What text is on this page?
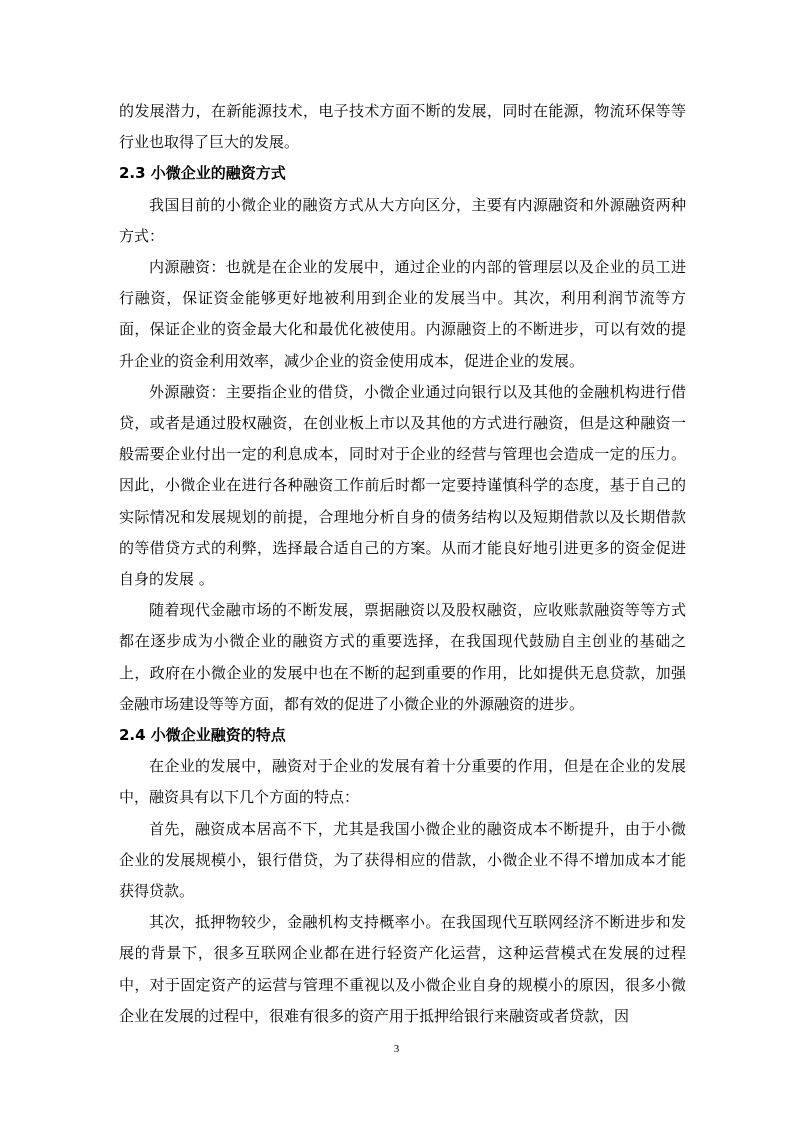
的发展潜力，在新能源技术，电子技术方面不断的发展，同时在能源，物流环保等等行业也取得了巨大的发展。

2.3 小微企业的融资方式

我国目前的小微企业的融资方式从大方向区分，主要有内源融资和外源融资两种方式：

内源融资：也就是在企业的发展中，通过企业的内部的管理层以及企业的员工进行融资，保证资金能够更好地被利用到企业的发展当中。其次，利用利润节流等方面，保证企业的资金最大化和最优化被使用。内源融资上的不断进步，可以有效的提升企业的资金利用效率，减少企业的资金使用成本，促进企业的发展。

外源融资：主要指企业的借贷，小微企业通过向银行以及其他的金融机构进行借贷，或者是通过股权融资，在创业板上市以及其他的方式进行融资，但是这种融资一般需要企业付出一定的利息成本，同时对于企业的经营与管理也会造成一定的压力。因此，小微企业在进行各种融资工作前后时都一定要持谨慎科学的态度，基于自己的实际情况和发展规划的前提，合理地分析自身的债务结构以及短期借款以及长期借款的等借贷方式的利弊，选择最合适自己的方案。从而才能良好地引进更多的资金促进自身的发展 。

随着现代金融市场的不断发展，票据融资以及股权融资，应收账款融资等等方式都在逐步成为小微企业的融资方式的重要选择，在我国现代鼓励自主创业的基础之上，政府在小微企业的发展中也在不断的起到重要的作用，比如提供无息贷款，加强金融市场建设等等方面，都有效的促进了小微企业的外源融资的进步。

2.4 小微企业融资的特点

在企业的发展中，融资对于企业的发展有着十分重要的作用，但是在企业的发展中，融资具有以下几个方面的特点：

首先，融资成本居高不下，尤其是我国小微企业的融资成本不断提升，由于小微企业的发展规模小，银行借贷，为了获得相应的借款，小微企业不得不增加成本才能获得贷款。

其次，抵押物较少，金融机构支持概率小。在我国现代互联网经济不断进步和发展的背景下，很多互联网企业都在进行轻资产化运营，这种运营模式在发展的过程中，对于固定资产的运营与管理不重视以及小微企业自身的规模小的原因，很多小微企业在发展的过程中，很难有很多的资产用于抵押给银行来融资或者贷款，因

3
